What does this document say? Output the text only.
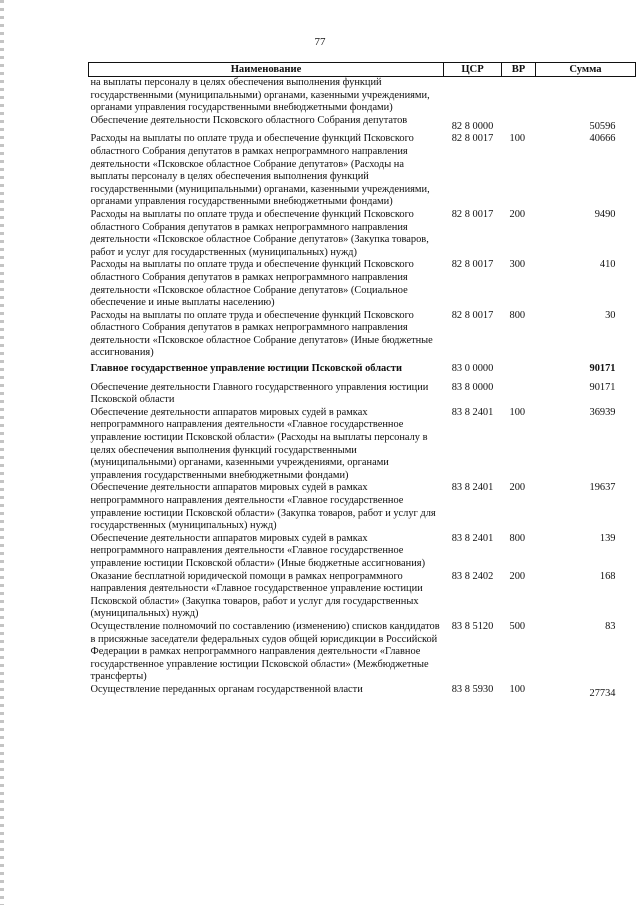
77
Наименование	ЦСР	ВР	Сумма
на выплаты персоналу в целях обеспечения выполнения функций государственными (муниципальными) органами, казенными учреждениями, органами управления государственными внебюджетными фондами)			
Обеспечение деятельности Псковского областного Собрания депутатов	82 8 0000		50596
Расходы на выплаты по оплате труда и обеспечение функций Псковского областного Собрания депутатов в рамках непрограммного направления деятельности «Псковское областное Собрание депутатов» (Расходы на выплаты персоналу в целях обеспечения выполнения функций государственными (муниципальными) органами, казенными учреждениями, органами управления государственными внебюджетными фондами)	82 8 0017	100	40666
Расходы на выплаты по оплате труда и обеспечение функций Псковского областного Собрания депутатов в рамках непрограммного направления деятельности «Псковское областное Собрание депутатов» (Закупка товаров, работ и услуг для государственных (муниципальных) нужд)	82 8 0017	200	9490
Расходы на выплаты по оплате труда и обеспечение функций Псковского областного Собрания депутатов в рамках непрограммного направления деятельности «Псковское областное Собрание депутатов» (Социальное обеспечение и иные выплаты населению)	82 8 0017	300	410
Расходы на выплаты по оплате труда и обеспечение функций Псковского областного Собрания депутатов в рамках непрограммного направления деятельности «Псковское областное Собрание депутатов» (Иные бюджетные ассигнования)	82 8 0017	800	30
Главное государственное управление юстиции Псковской области	83 0 0000		90171
Обеспечение деятельности Главного государственного управления юстиции Псковской области	83 8 0000		90171
Обеспечение деятельности аппаратов мировых судей в рамках непрограммного направления деятельности «Главное государственное управление юстиции Псковской области» (Расходы на выплаты персоналу в целях обеспечения выполнения функций государственными (муниципальными) органами, казенными учреждениями, органами управления государственными внебюджетными фондами)	83 8 2401	100	36939
Обеспечение деятельности аппаратов мировых судей в рамках непрограммного направления деятельности «Главное государственное управление юстиции Псковской области» (Закупка товаров, работ и услуг для государственных (муниципальных) нужд)	83 8 2401	200	19637
Обеспечение деятельности аппаратов мировых судей в рамках непрограммного направления деятельности «Главное государственное управление юстиции Псковской области» (Иные бюджетные ассигнования)	83 8 2401	800	139
Оказание бесплатной юридической помощи в рамках непрограммного направления деятельности «Главное государственное управление юстиции Псковской области» (Закупка товаров, работ и услуг для государственных (муниципальных) нужд)	83 8 2402	200	168
Осуществление полномочий по составлению (изменению) списков кандидатов в присяжные заседатели федеральных судов общей юрисдикции в Российской Федерации в рамках непрограммного направления деятельности «Главное государственное управление юстиции Псковской области» (Межбюджетные трансферты)	83 8 5120	500	83
Осуществление переданных органам государственной власти	83 8 5930	100	27734
